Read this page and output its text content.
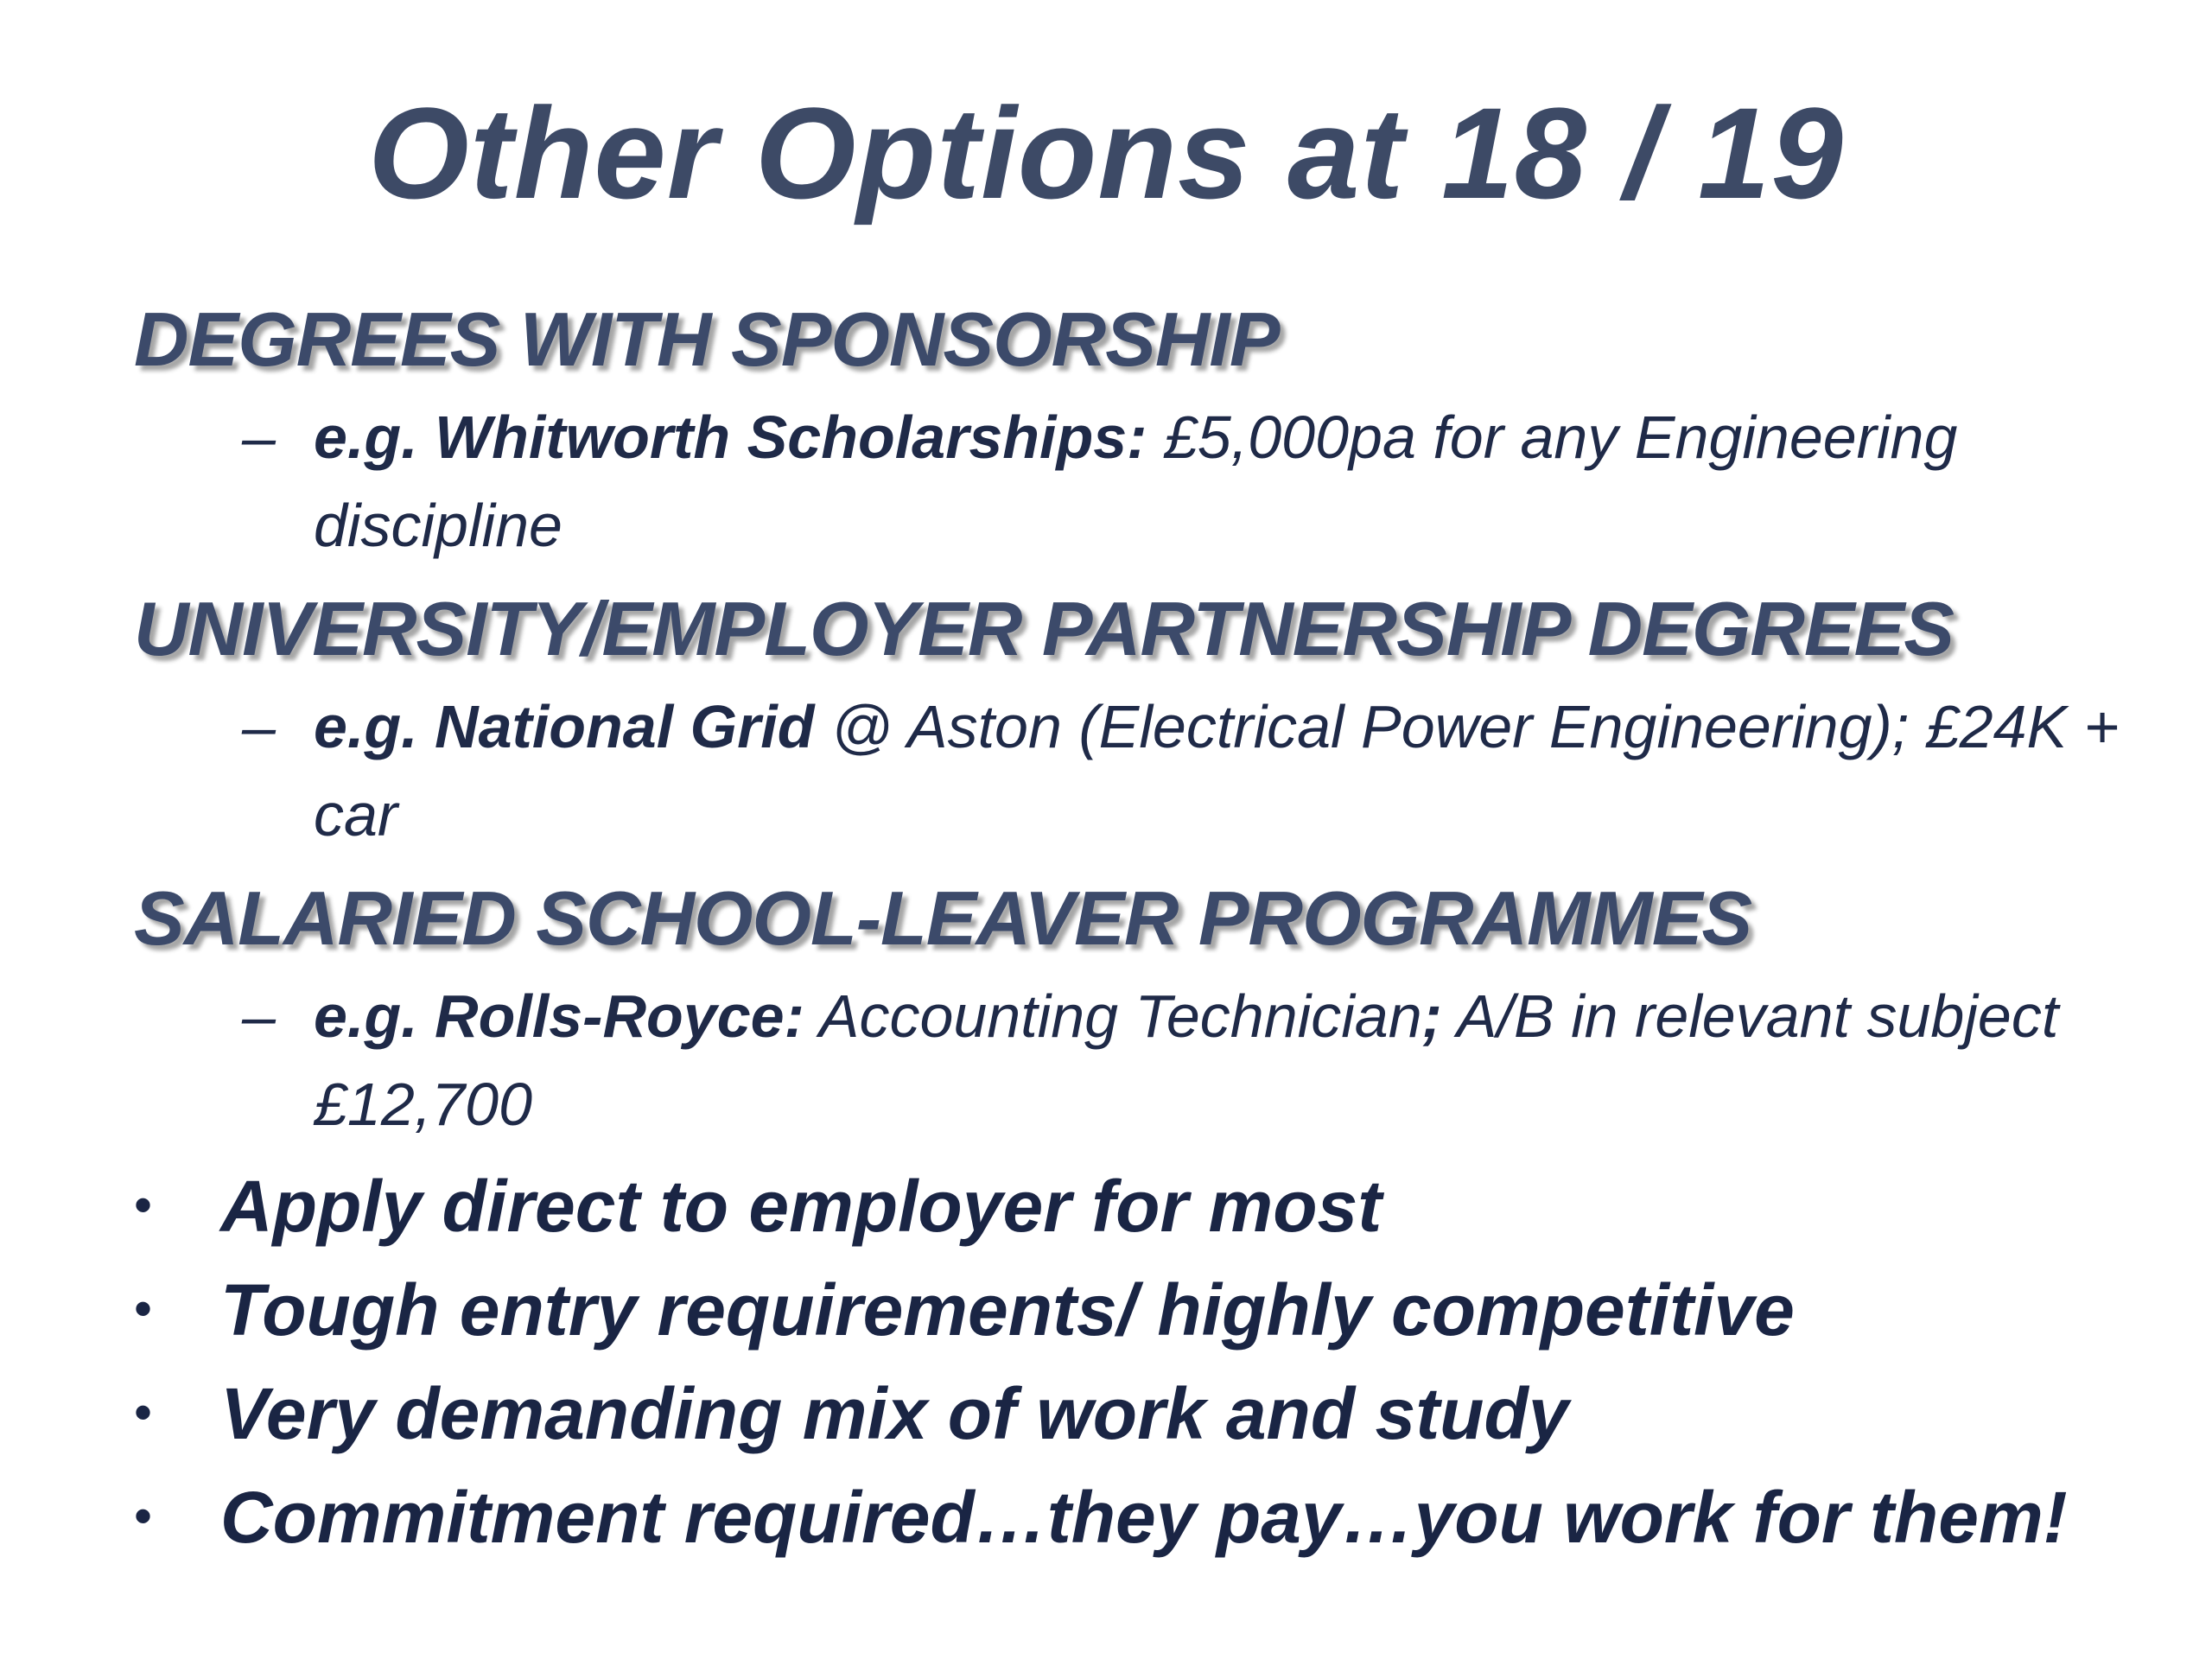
Other Options at 18 / 19
DEGREES WITH SPONSORSHIP
– e.g. Whitworth Scholarships: £5,000pa for any Engineering discipline
UNIVERSITY/EMPLOYER PARTNERSHIP DEGREES
– e.g. National Grid @ Aston (Electrical Power Engineering); £24K + car
SALARIED SCHOOL-LEAVER PROGRAMMES
– e.g. Rolls-Royce: Accounting Technician; A/B in relevant subject £12,700
• Apply direct to employer for most
• Tough entry requirements/ highly competitive
• Very demanding mix of work and study
• Commitment required…they pay…you work for them!
